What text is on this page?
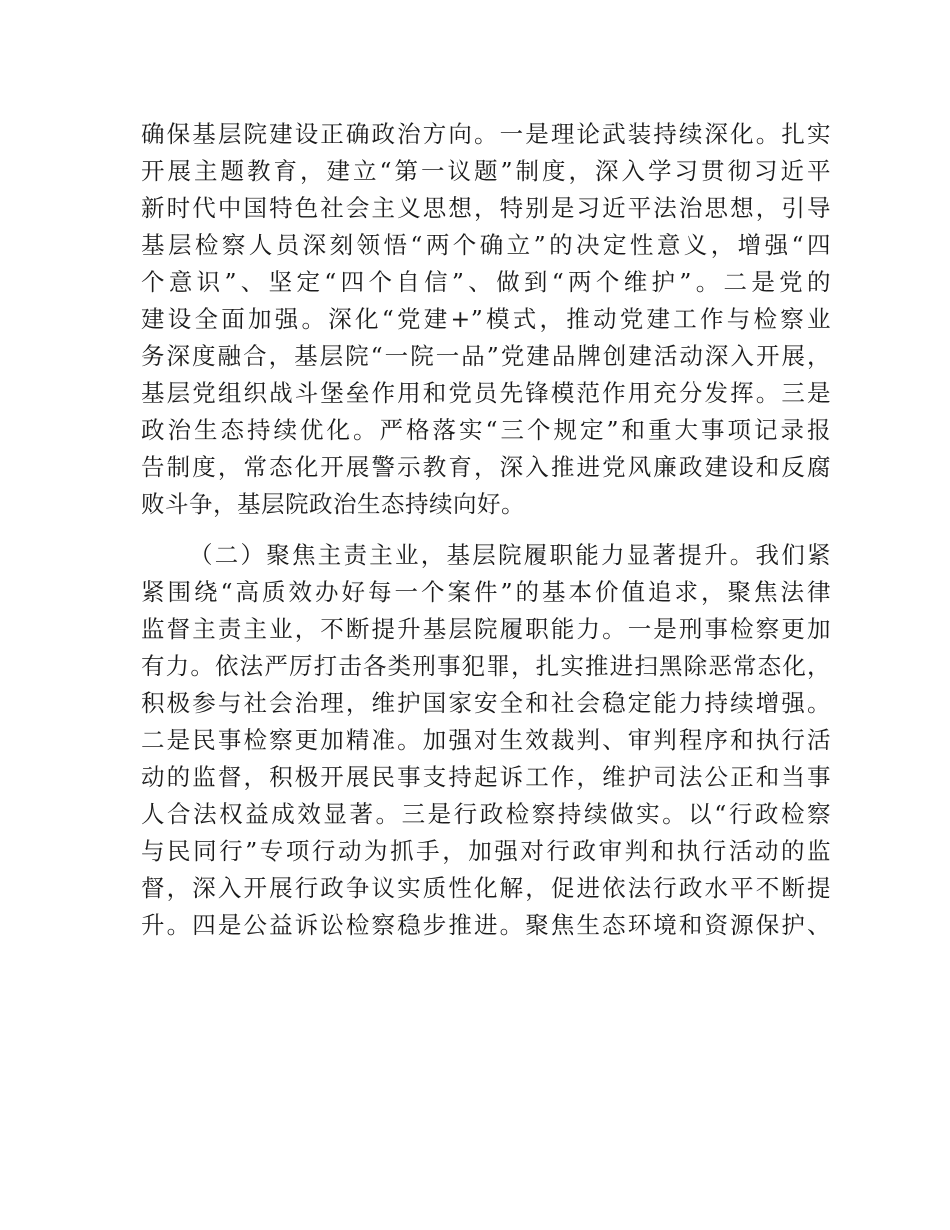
确保基层院建设正确政治方向。一是理论武装持续深化。扎实
开展主题教育，建立“第一议题”制度，深入学习贯彻习近平
新时代中国特色社会主义思想，特别是习近平法治思想，引导
基层检察人员深刻领悟“两个确立”的决定性意义，增强“四
个意识”、坚定“四个自信”、做到“两个维护”。二是党的
建设全面加强。深化“党建+”模式，推动党建工作与检察业
务深度融合，基层院“一院一品”党建品牌创建活动深入开展，
基层党组织战斗堡垒作用和党员先锋模范作用充分发挥。三是
政治生态持续优化。严格落实“三个规定”和重大事项记录报
告制度，常态化开展警示教育，深入推进党风廉政建设和反腐
败斗争，基层院政治生态持续向好。
（二）聚焦主责主业，基层院履职能力显著提升。我们紧
紧围绕“高质效办好每一个案件”的基本价值追求，聚焦法律
监督主责主业，不断提升基层院履职能力。一是刑事检察更加
有力。依法严厉打击各类刑事犯罪，扎实推进扫黑除恶常态化，
积极参与社会治理，维护国家安全和社会稳定能力持续增强。
二是民事检察更加精准。加强对生效裁判、审判程序和执行活
动的监督，积极开展民事支持起诉工作，维护司法公正和当事
人合法权益成效显著。三是行政检察持续做实。以“行政检察
与民同行”专项行动为抓手，加强对行政审判和执行活动的监
督，深入开展行政争议实质性化解，促进依法行政水平不断提
升。四是公益诉讼检察稳步推进。聚焦生态环境和资源保护、
